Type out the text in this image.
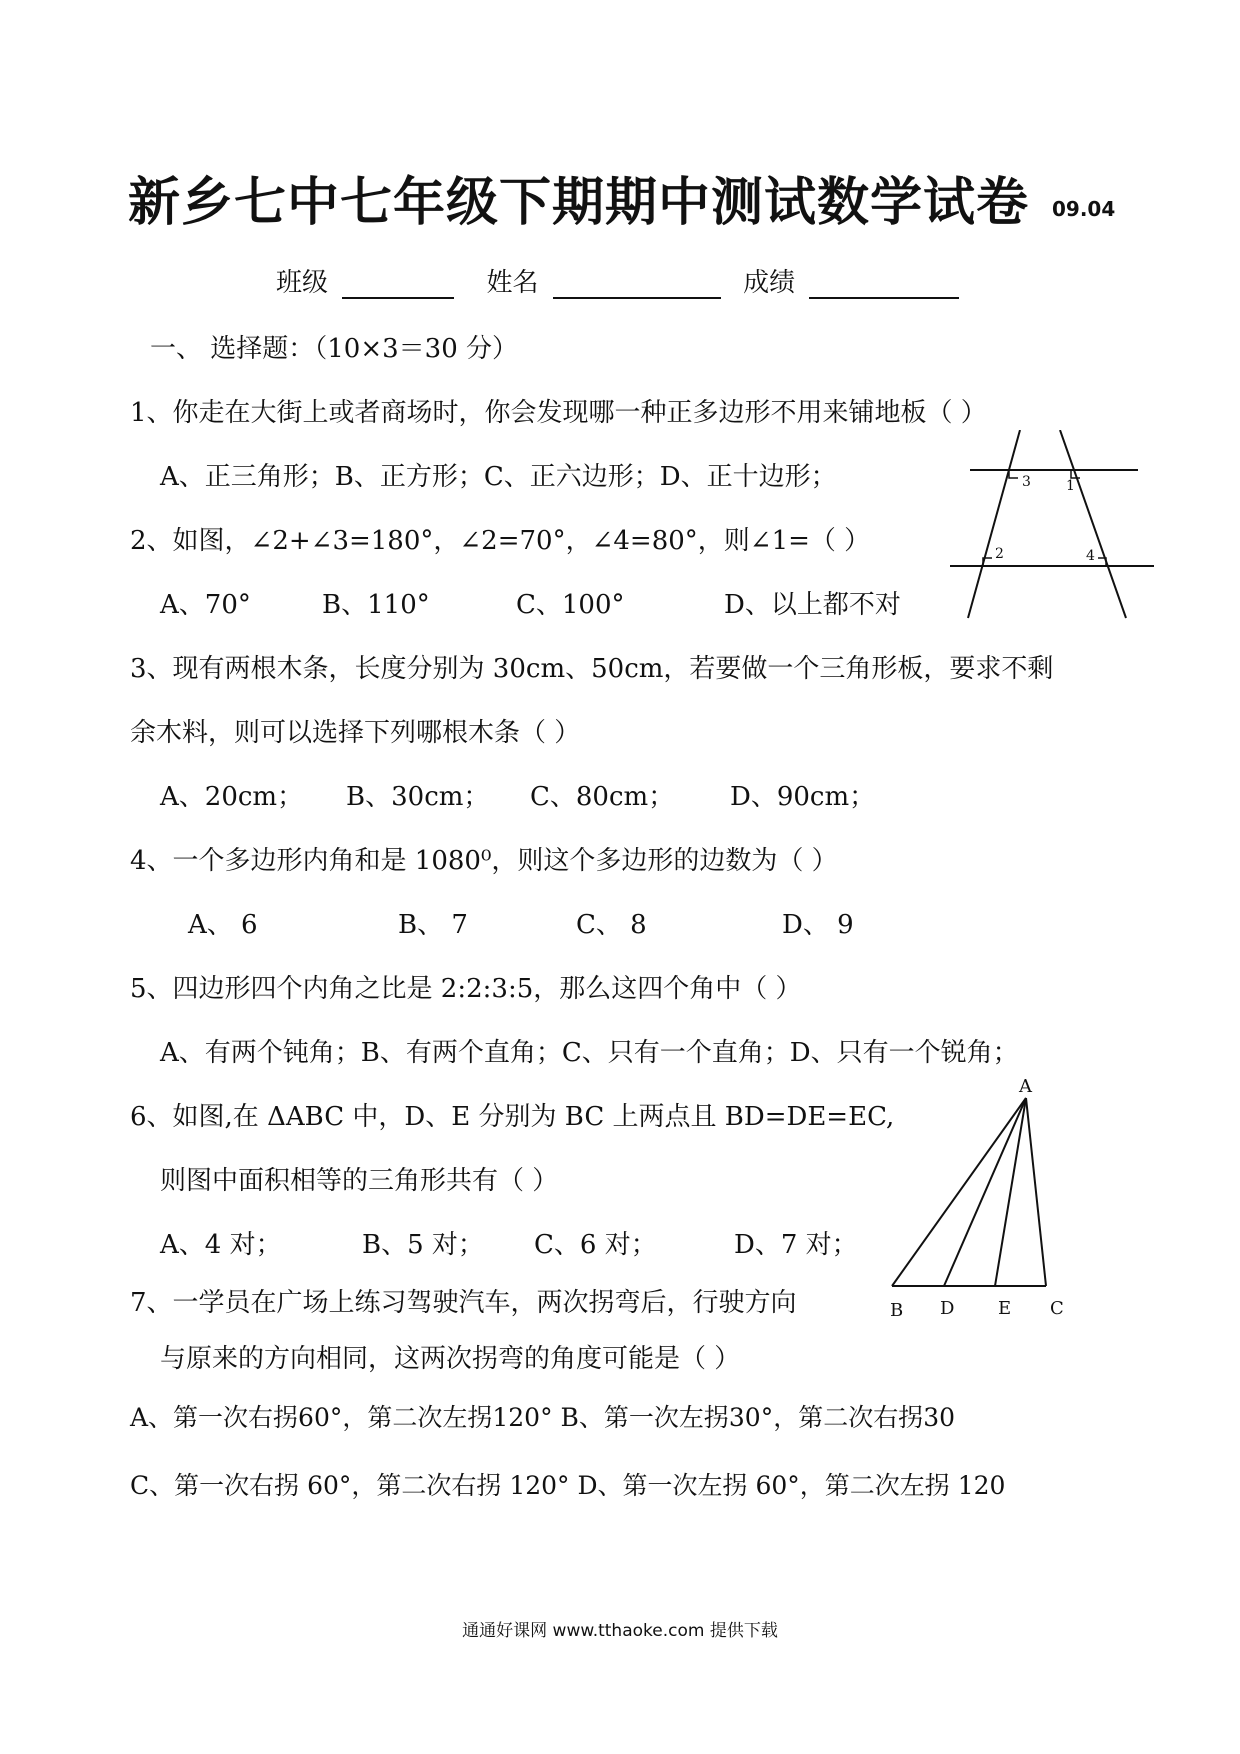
新乡七中七年级下期期中测试数学试卷 09.04
班级	姓名	成绩
一、 选择题：（10×3＝30 分）
1、你走在大街上或者商场时，你会发现哪一种正多边形不用来铺地板（ ）
A、正三角形；B、正方形；C、正六边形；D、正十边形；
2、如图，∠2+∠3=180°，∠2=70°，∠4=80°，则∠1=（ ）
A、70°	B、110°	C、100°	D、以上都不对
3、现有两根木条，长度分别为 30cm、50cm，若要做一个三角形板，要求不剩
余木料，则可以选择下列哪根木条（ ）
A、20cm； B、30cm； C、80cm； D、90cm；
4、一个多边形内角和是 1080⁰，则这个多边形的边数为（ ）
A、 6	B、 7	C、 8	D、 9
5、四边形四个内角之比是 2:2:3:5，那么这四个角中（ ）
A、有两个钝角；B、有两个直角；C、只有一个直角；D、只有一个锐角；
6、如图,在 ΔABC 中，D、E 分别为 BC 上两点且 BD=DE=EC,
则图中面积相等的三角形共有（ ）
A、4 对；	B、5 对； C、6 对；	D、7 对；
7、一学员在广场上练习驾驶汽车，两次拐弯后，行驶方向
与原来的方向相同，这两次拐弯的角度可能是（ ）
A、第一次右拐60°，第二次左拐120° B、第一次左拐30°，第二次右拐30
C、第一次右拐 60°，第二次右拐 120° D、第一次左拐 60°，第二次左拐 120
3	1
2	4
A
B D E C
通通好课网 www.tthaoke.com 提供下载
